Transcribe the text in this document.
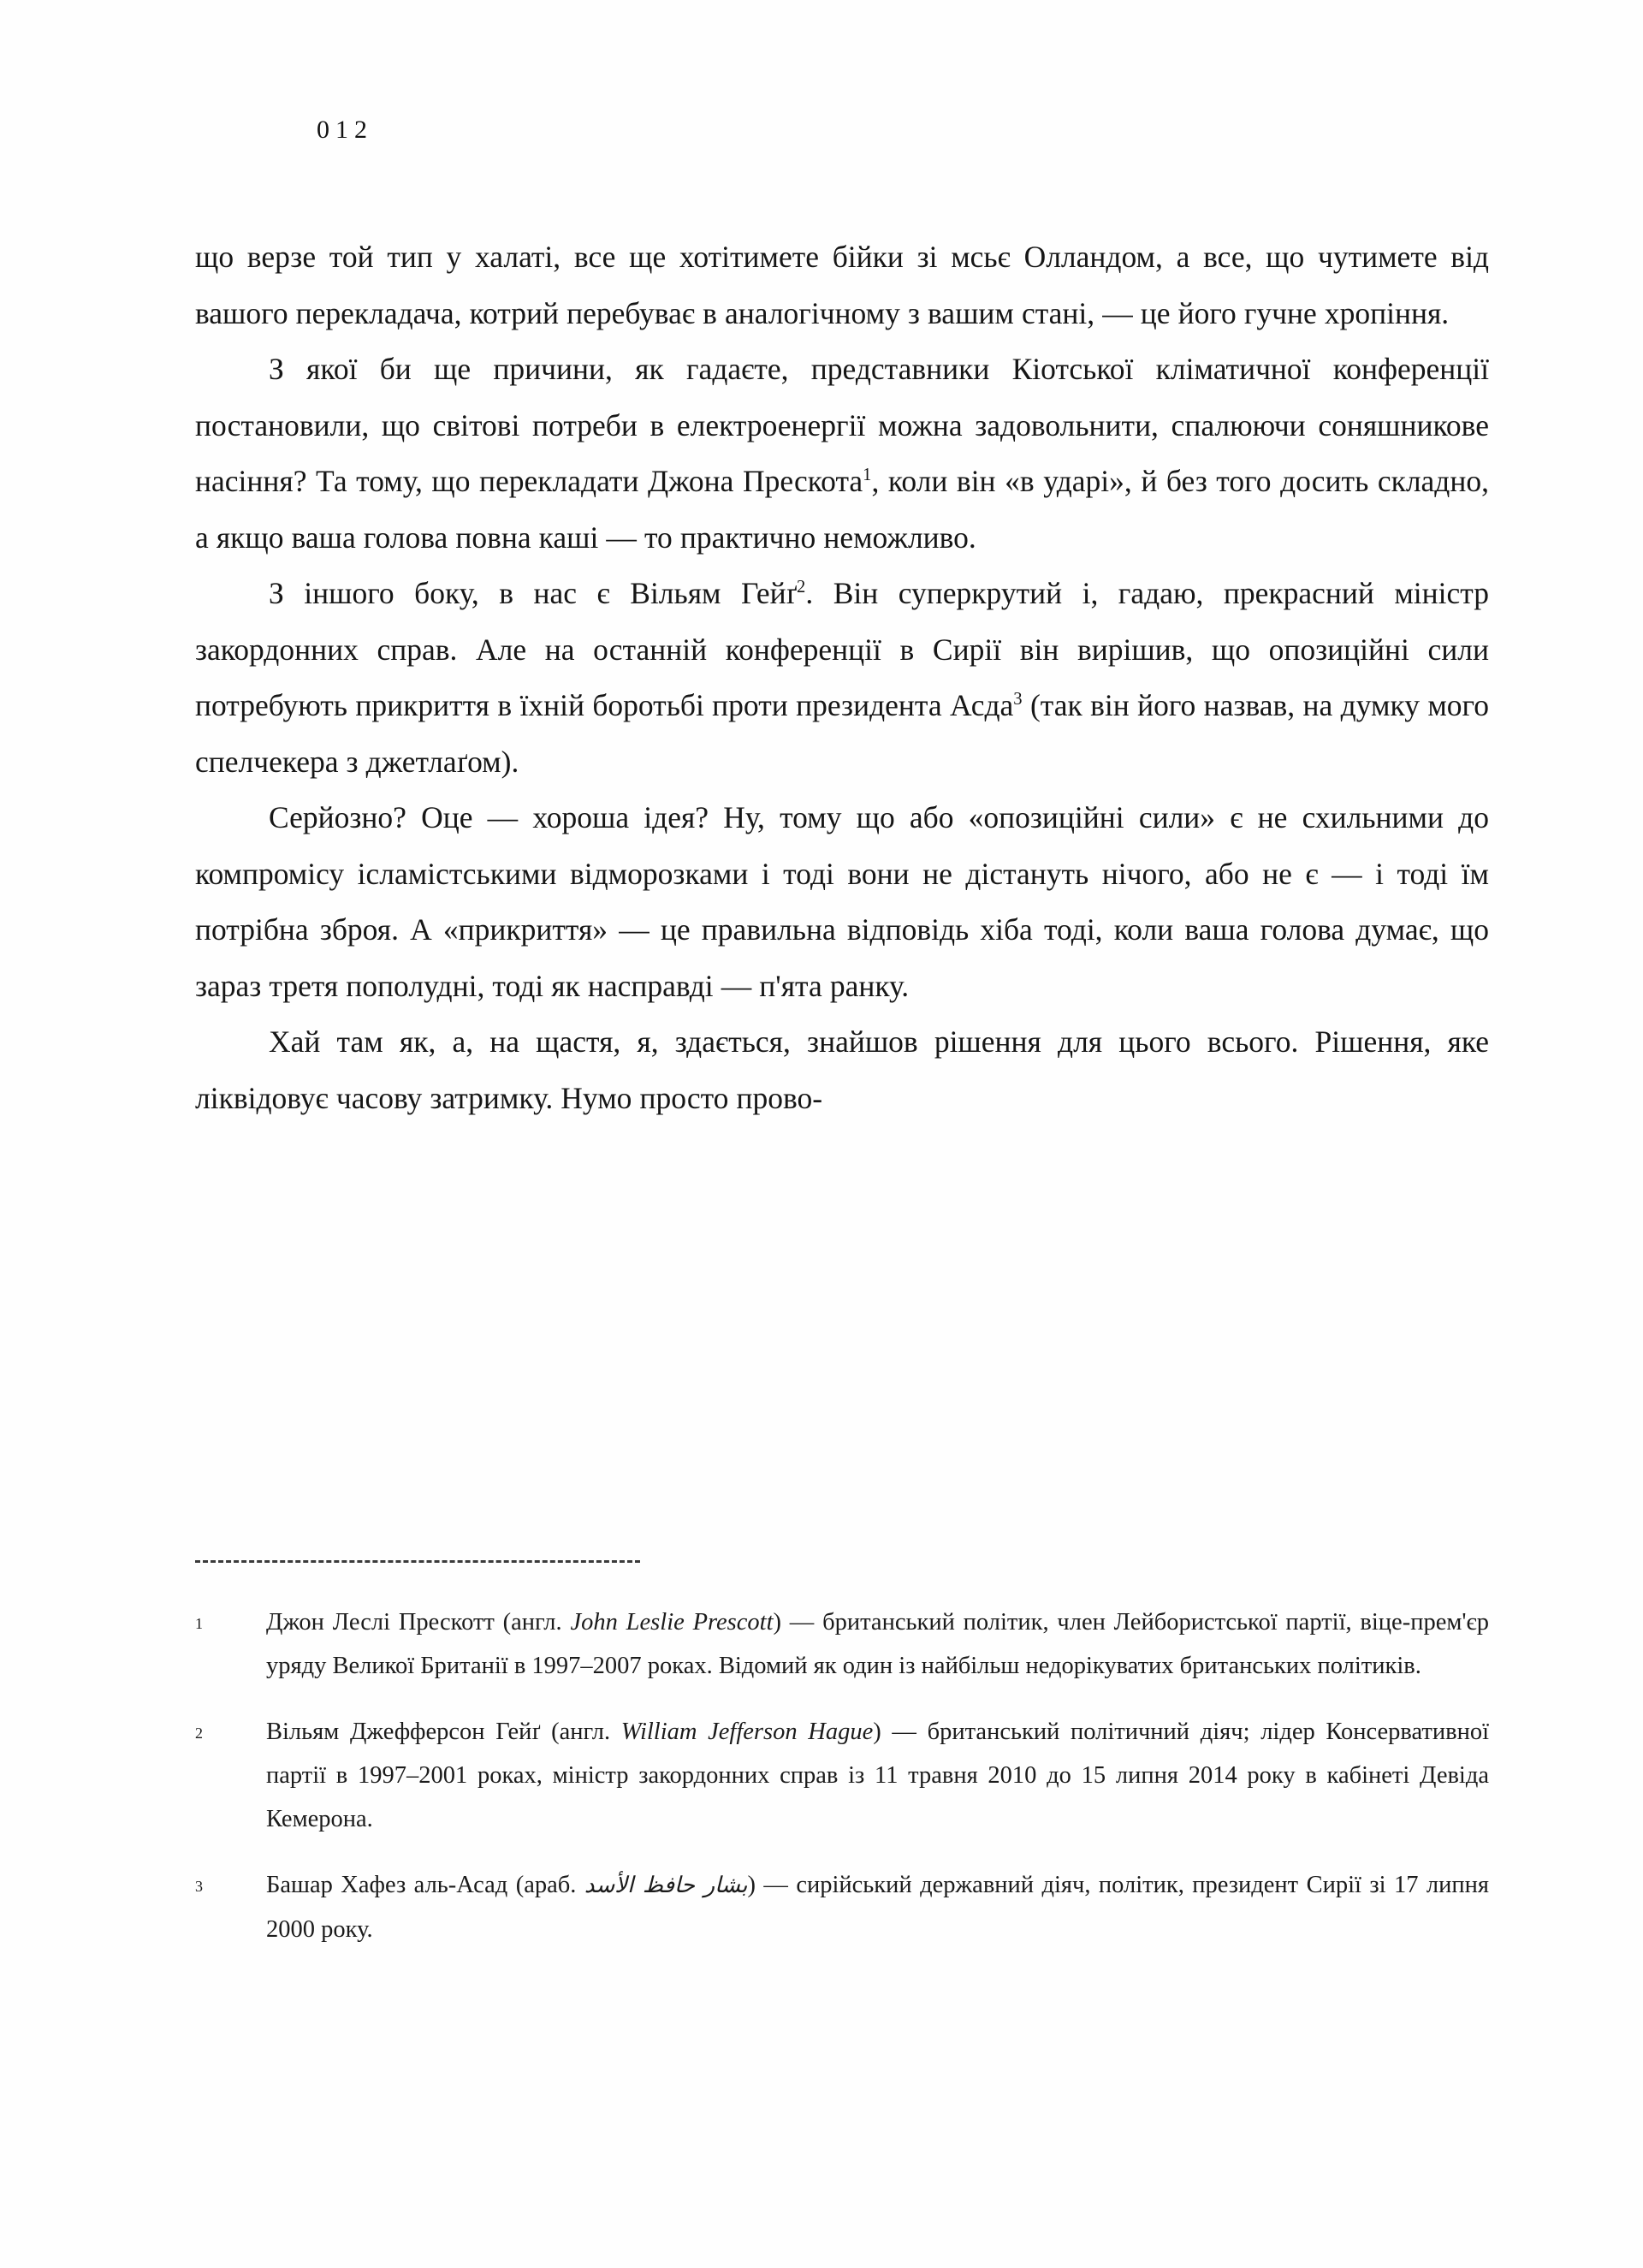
012

що верзе той тип у халаті, все ще хотітимете бійки зі мсьє Олландом, а все, що чутимете від вашого перекладача, котрий перебуває в аналогічному з вашим стані, — це його гучне хропіння.

З якої би ще причини, як гадаєте, представники Кіотської кліматичної конференції постановили, що світові потреби в електроенергії можна задовольнити, спалюючи соняшникове насіння? Та тому, що перекладати Джона Прескота$^1$, коли він «в ударі», й без того досить складно, а якщо ваша голова повна каші — то практично неможливо.

З іншого боку, в нас є Вільям Гейґ$^2$. Він суперкрутий і, гадаю, прекрасний міністр закордонних справ. Але на останній конференції в Сирії він вирішив, що опозиційні сили потребують прикриття в їхній боротьбі проти президента Асда$^3$ (так він його назвав, на думку мого спелчекера з джетлаґом).

Серйозно? Оце — хороша ідея? Ну, тому що або «опозиційні сили» є не схильними до компромісу ісламістськими відморозками і тоді вони не дістануть нічого, або не є — і тоді їм потрібна зброя. А «прикриття» — це правильна відповідь хіба тоді, коли ваша голова думає, що зараз третя пополудні, тоді як насправді — п'ята ранку.

Хай там як, а, на щастя, я, здається, знайшов рішення для цього всього. Рішення, яке ліквідовує часову затримку. Нумо просто прово-

1	Джон Леслі Прескотт (англ. John Leslie Prescott) — британський політик, член Лейбористської партії, віце-прем'єр уряду Великої Британії в 1997–2007 роках. Відомий як один із найбільш недорікуватих британських політиків.
2	Вільям Джефферсон Гейґ (англ. William Jefferson Hague) — британський політичний діяч; лідер Консервативної партії в 1997–2001 роках, міністр закордонних справ із 11 травня 2010 до 15 липня 2014 року в кабінеті Девіда Кемерона.
3	Башар Хафез аль-Асад (араб. بشار حافظ الأسد) — сирійський державний діяч, політик, президент Сирії зі 17 липня 2000 року.
